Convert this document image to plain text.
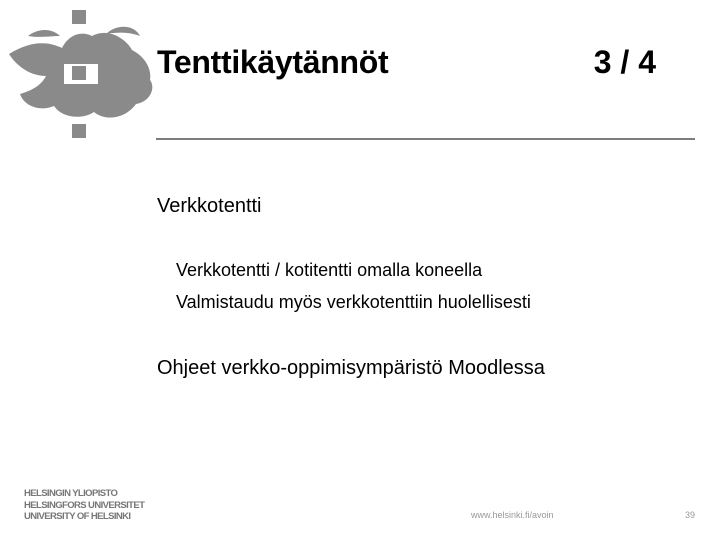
Tenttikäytännöt	3 / 4
Verkkotentti
Verkkotentti / kotitentti omalla koneella
Valmistaudu myös verkkotenttiin huolellisesti
Ohjeet verkko-oppimisympäristö Moodlessa
HELSINGIN YLIOPISTO
HELSINGFORS UNIVERSITET
UNIVERSITY OF HELSINKI	www.helsinki.fi/avoin	39
